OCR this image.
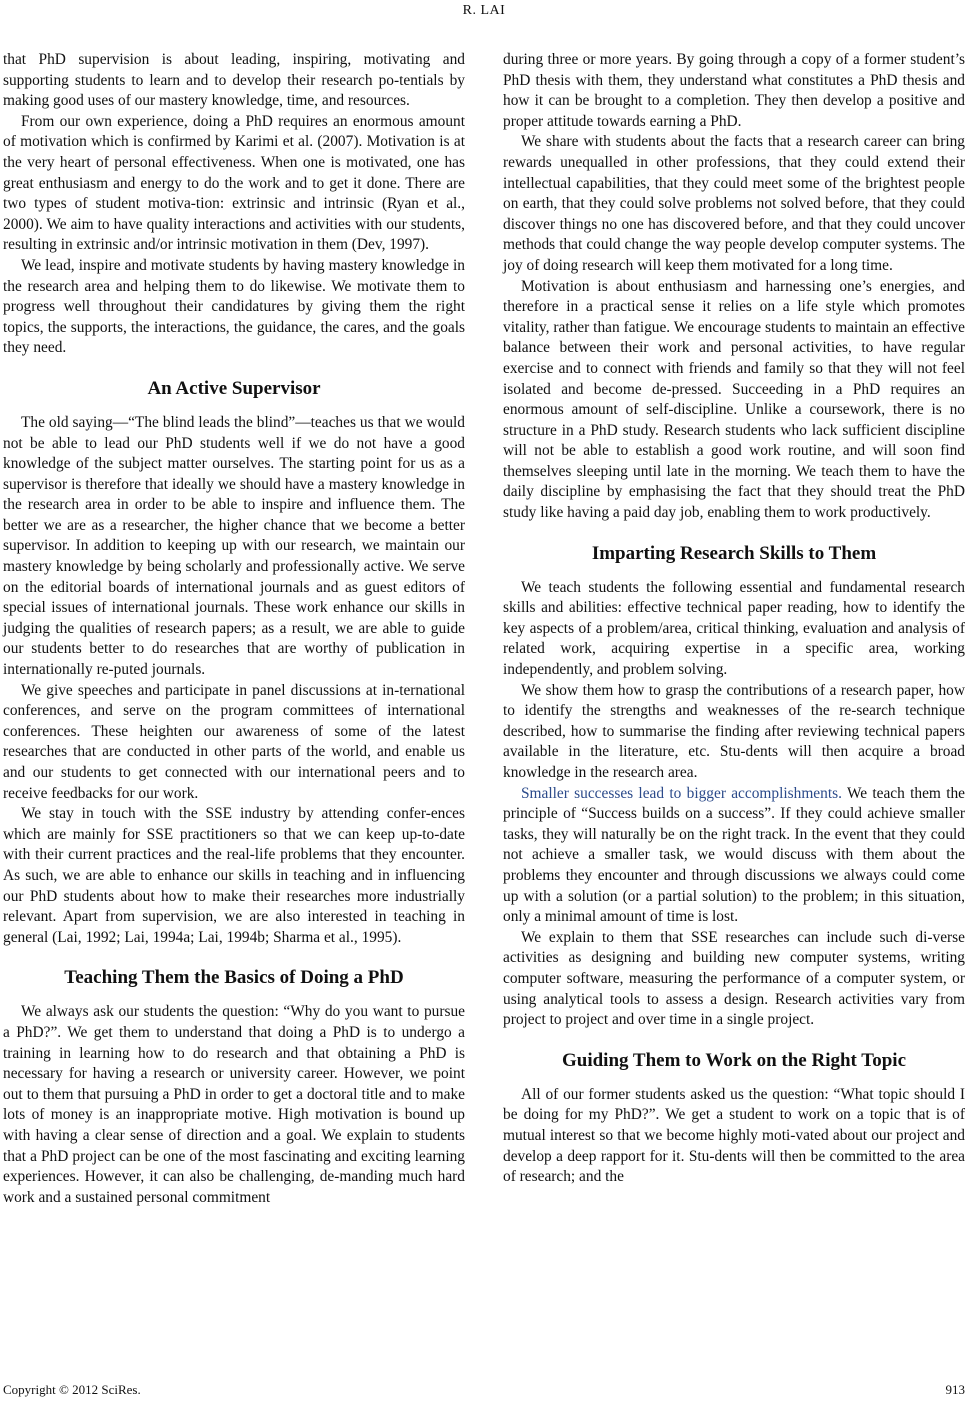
R. LAI

that PhD supervision is about leading, inspiring, motivating and supporting students to learn and to develop their research po-tentials by making good uses of our mastery knowledge, time, and resources.

From our own experience, doing a PhD requires an enormous amount of motivation which is confirmed by Karimi et al. (2007). Motivation is at the very heart of personal effectiveness. When one is motivated, one has great enthusiasm and energy to do the work and to get it done. There are two types of student motiva-tion: extrinsic and intrinsic (Ryan et al., 2000). We aim to have quality interactions and activities with our students, resulting in extrinsic and/or intrinsic motivation in them (Dev, 1997).

We lead, inspire and motivate students by having mastery knowledge in the research area and helping them to do likewise. We motivate them to progress well throughout their candidatures by giving them the right topics, the supports, the interactions, the guidance, the cares, and the goals they need.

An Active Supervisor

The old saying—“The blind leads the blind”—teaches us that we would not be able to lead our PhD students well if we do not have a good knowledge of the subject matter ourselves. The starting point for us as a supervisor is therefore that ideally we should have a mastery knowledge in the research area in order to be able to inspire and influence them. The better we are as a researcher, the higher chance that we become a better supervisor. In addition to keeping up with our research, we maintain our mastery knowledge by being scholarly and professionally active. We serve on the editorial boards of international journals and as guest editors of special issues of international journals. These work enhance our skills in judging the qualities of research papers; as a result, we are able to guide our students better to do researches that are worthy of publication in internationally re-puted journals.

We give speeches and participate in panel discussions at in-ternational conferences, and serve on the program committees of international conferences. These heighten our awareness of some of the latest researches that are conducted in other parts of the world, and enable us and our students to get connected with our international peers and to receive feedbacks for our work.

We stay in touch with the SSE industry by attending confer-ences which are mainly for SSE practitioners so that we can keep up-to-date with their current practices and the real-life problems that they encounter. As such, we are able to enhance our skills in teaching and in influencing our PhD students about how to make their researches more industrially relevant. Apart from supervision, we are also interested in teaching in general (Lai, 1992; Lai, 1994a; Lai, 1994b; Sharma et al., 1995).

Teaching Them the Basics of Doing a PhD

We always ask our students the question: “Why do you want to pursue a PhD?”. We get them to understand that doing a PhD is to undergo a training in learning how to do research and that obtaining a PhD is necessary for having a research or university career. However, we point out to them that pursuing a PhD in order to get a doctoral title and to make lots of money is an inappropriate motive. High motivation is bound up with having a clear sense of direction and a goal. We explain to students that a PhD project can be one of the most fascinating and exciting learning experiences. However, it can also be challenging, de-manding much hard work and a sustained personal commitment

during three or more years. By going through a copy of a former student’s PhD thesis with them, they understand what constitutes a PhD thesis and how it can be brought to a completion. They then develop a positive and proper attitude towards earning a PhD.

We share with students about the facts that a research career can bring rewards unequalled in other professions, that they could extend their intellectual capabilities, that they could meet some of the brightest people on earth, that they could solve problems not solved before, that they could discover things no one has discovered before, and that they could uncover methods that could change the way people develop computer systems. The joy of doing research will keep them motivated for a long time.

Motivation is about enthusiasm and harnessing one’s energies, and therefore in a practical sense it relies on a life style which promotes vitality, rather than fatigue. We encourage students to maintain an effective balance between their work and personal activities, to have regular exercise and to connect with friends and family so that they will not feel isolated and become de-pressed. Succeeding in a PhD requires an enormous amount of self-discipline. Unlike a coursework, there is no structure in a PhD study. Research students who lack sufficient discipline will not be able to establish a good work routine, and will soon find themselves sleeping until late in the morning. We teach them to have the daily discipline by emphasising the fact that they should treat the PhD study like having a paid day job, enabling them to work productively.

Imparting Research Skills to Them

We teach students the following essential and fundamental research skills and abilities: effective technical paper reading, how to identify the key aspects of a problem/area, critical thinking, evaluation and analysis of related work, acquiring expertise in a specific area, working independently, and problem solving.

We show them how to grasp the contributions of a research paper, how to identify the strengths and weaknesses of the re-search technique described, how to summarise the finding after reviewing technical papers available in the literature, etc. Stu-dents will then acquire a broad knowledge in the research area.

Smaller successes lead to bigger accomplishments. We teach them the principle of “Success builds on a success”. If they could achieve smaller tasks, they will naturally be on the right track. In the event that they could not achieve a smaller task, we would discuss with them about the problems they encounter and through discussions we always could come up with a solution (or a partial solution) to the problem; in this situation, only a minimal amount of time is lost.

We explain to them that SSE researches can include such di-verse activities as designing and building new computer systems, writing computer software, measuring the performance of a computer system, or using analytical tools to assess a design. Research activities vary from project to project and over time in a single project.

Guiding Them to Work on the Right Topic

All of our former students asked us the question: “What topic should I be doing for my PhD?”. We get a student to work on a topic that is of mutual interest so that we become highly moti-vated about our project and develop a deep rapport for it. Stu-dents will then be committed to the area of research; and the

Copyright © 2012 SciRes.	913
